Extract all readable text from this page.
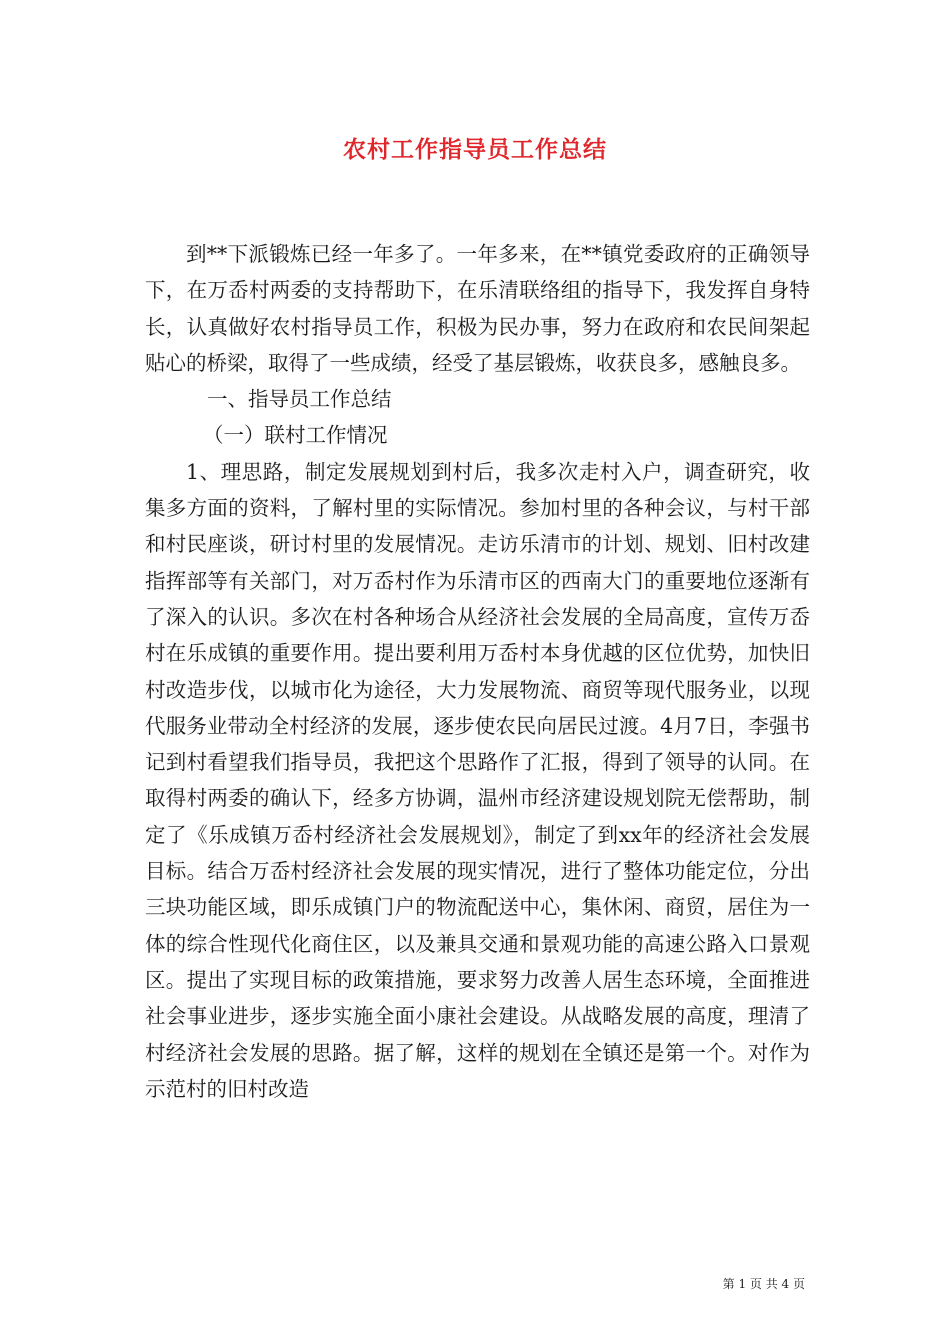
农村工作指导员工作总结

到**下派锻炼已经一年多了。一年多来，在**镇党委政府的正确领导下，在万岙村两委的支持帮助下，在乐清联络组的指导下，我发挥自身特长，认真做好农村指导员工作，积极为民办事，努力在政府和农民间架起贴心的桥梁，取得了一些成绩，经受了基层锻炼，收获良多，感触良多。

一、指导员工作总结

（一）联村工作情况

1、理思路，制定发展规划到村后，我多次走村入户，调查研究，收集多方面的资料，了解村里的实际情况。参加村里的各种会议，与村干部和村民座谈，研讨村里的发展情况。走访乐清市的计划、规划、旧村改建指挥部等有关部门，对万岙村作为乐清市区的西南大门的重要地位逐渐有了深入的认识。多次在村各种场合从经济社会发展的全局高度，宣传万岙村在乐成镇的重要作用。提出要利用万岙村本身优越的区位优势，加快旧村改造步伐，以城市化为途径，大力发展物流、商贸等现代服务业，以现代服务业带动全村经济的发展，逐步使农民向居民过渡。4月7日，李强书记到村看望我们指导员，我把这个思路作了汇报，得到了领导的认同。在取得村两委的确认下，经多方协调，温州市经济建设规划院无偿帮助，制定了《乐成镇万岙村经济社会发展规划》，制定了到xx年的经济社会发展目标。结合万岙村经济社会发展的现实情况，进行了整体功能定位，分出三块功能区域，即乐成镇门户的物流配送中心，集休闲、商贸，居住为一体的综合性现代化商住区，以及兼具交通和景观功能的高速公路入口景观区。提出了实现目标的政策措施，要求努力改善人居生态环境，全面推进社会事业进步，逐步实施全面小康社会建设。从战略发展的高度，理清了村经济社会发展的思路。据了解，这样的规划在全镇还是第一个。对作为示范村的旧村改造

第 1 页 共 4 页
